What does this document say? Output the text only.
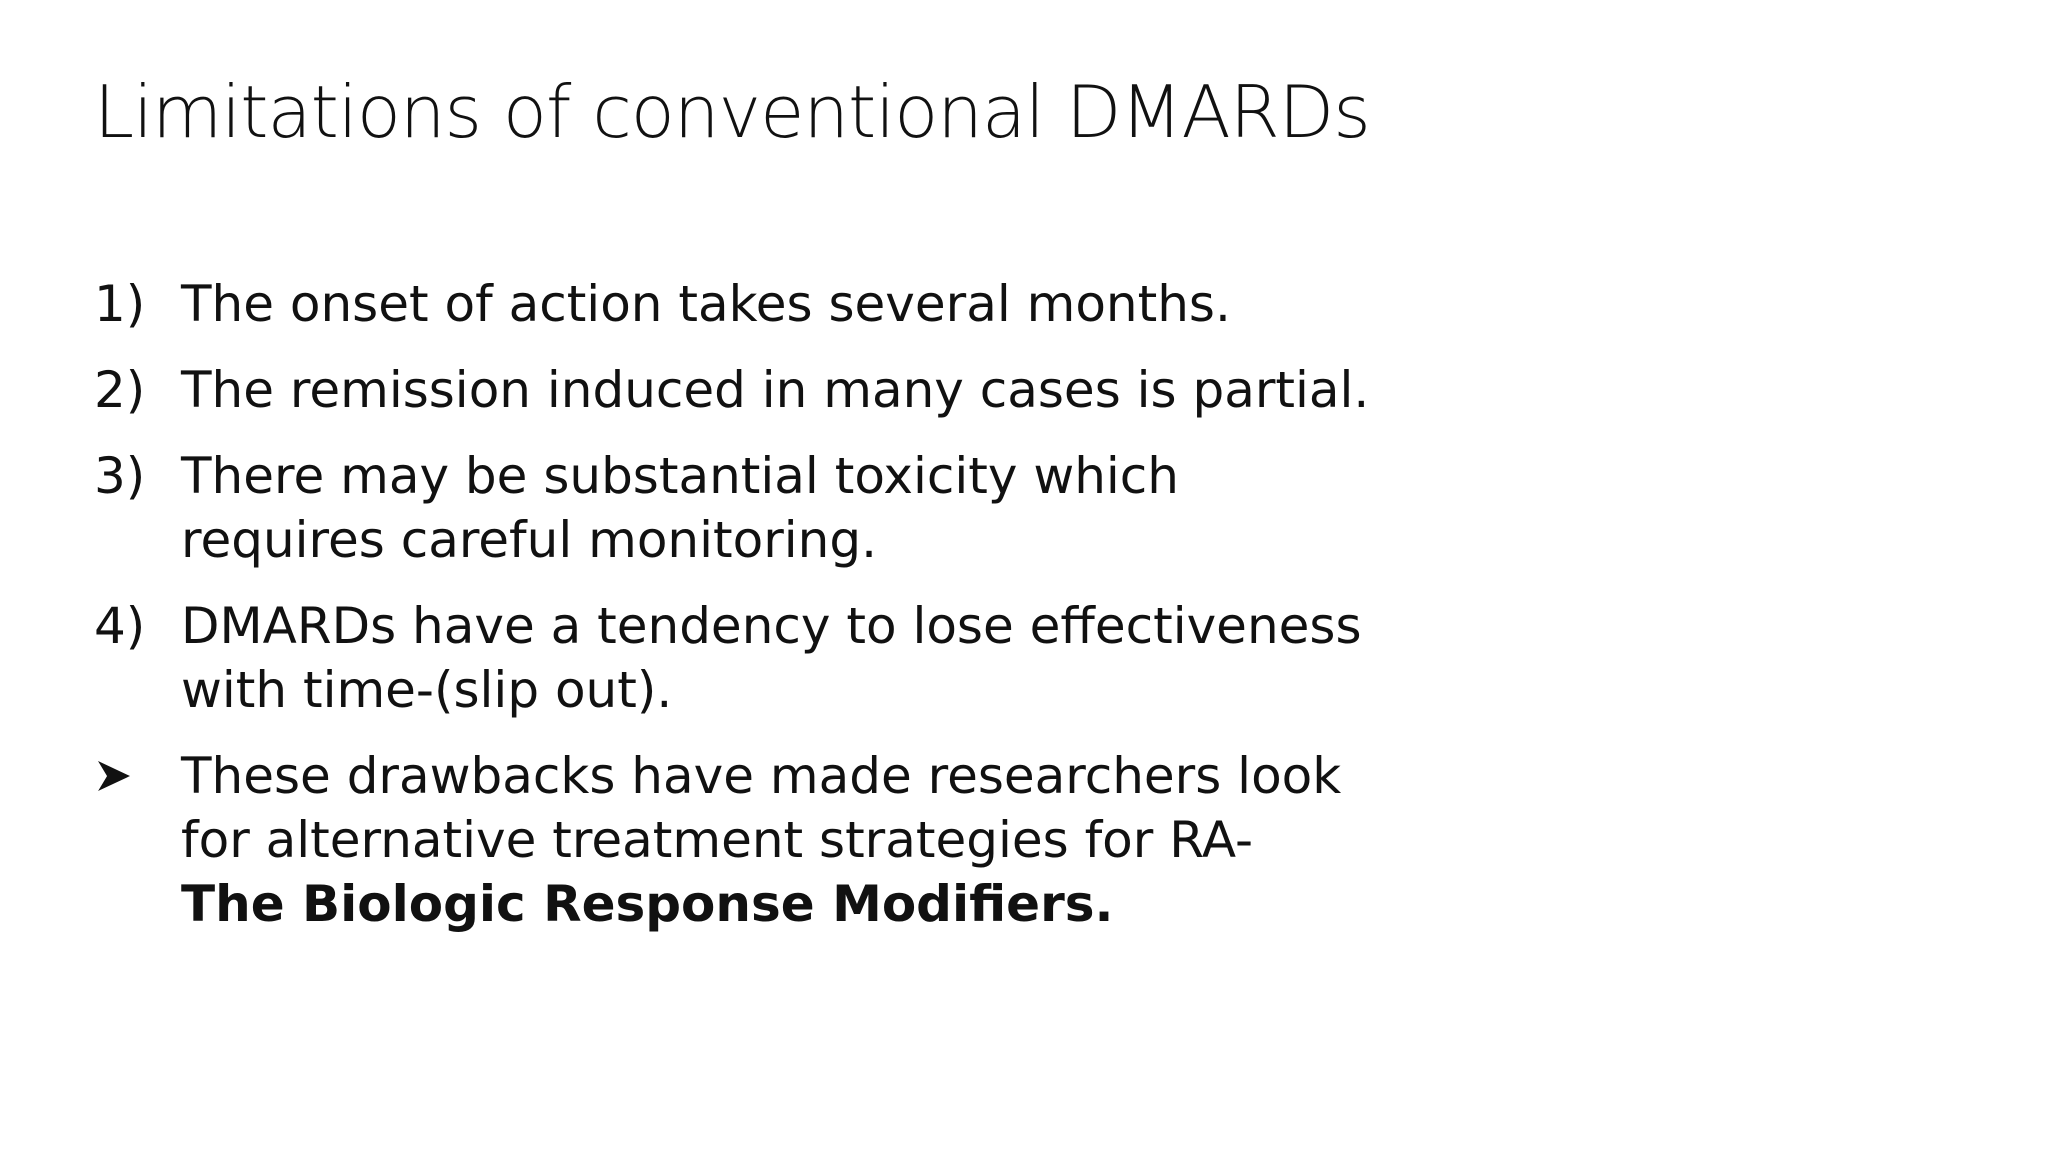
Limitations of conventional DMARDs
1) The onset of action takes several months.
2) The remission induced in many cases is partial.
3) There may be substantial toxicity which
requires careful monitoring.
4) DMARDs have a tendency to lose effectiveness
with time-(slip out).
These drawbacks have made researchers look
for alternative treatment strategies for RA-
The Biologic Response Modifiers.
